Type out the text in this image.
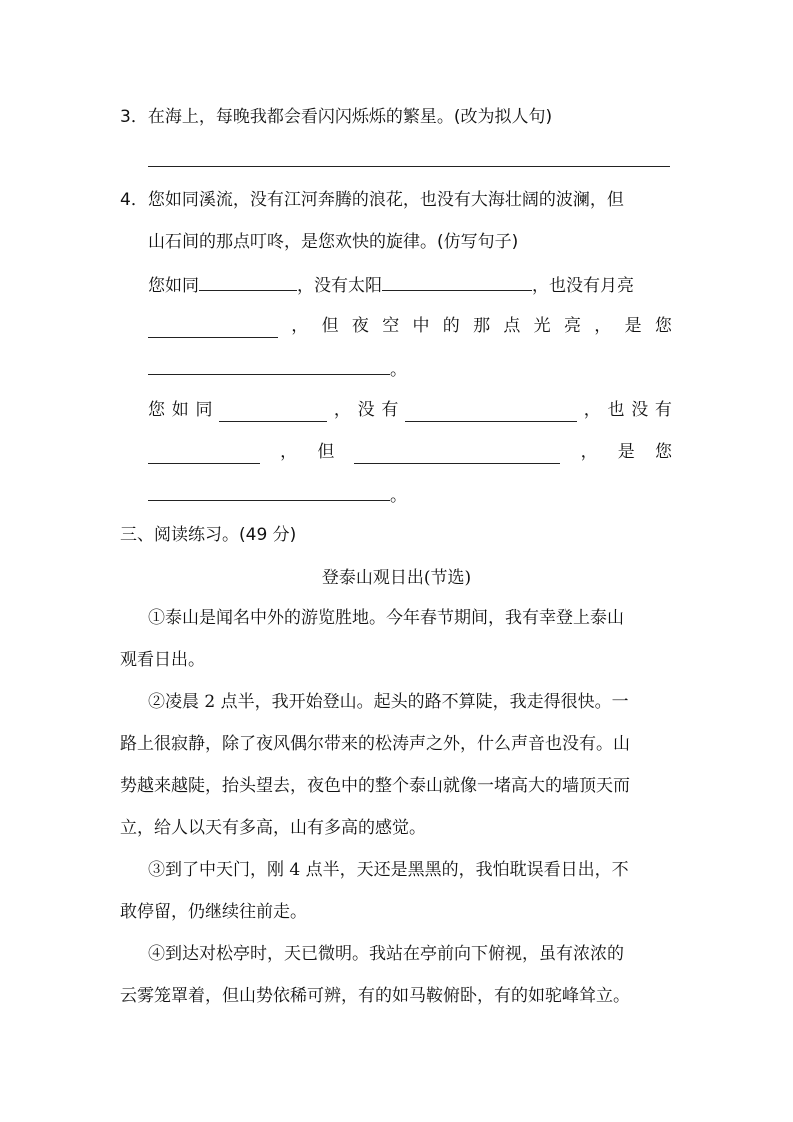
3．在海上，每晚我都会看闪闪烁烁的繁星。(改为拟人句)
4．您如同溪流，没有江河奔腾的浪花，也没有大海壮阔的波澜，但
山石间的那点叮咚，是您欢快的旋律。(仿写句子)
您如同	，没有太阳	，也没有月亮
， 但 夜 空 中 的 那 点 光 亮 ， 是 您
。
您 如 同	， 没 有	， 也 没 有
， 但	， 是 您
。
三、阅读练习。(49 分)
登泰山观日出(节选)
①泰山是闻名中外的游览胜地。今年春节期间，我有幸登上泰山
观看日出。
②凌晨 2 点半，我开始登山。起头的路不算陡，我走得很快。一
路上很寂静，除了夜风偶尔带来的松涛声之外，什么声音也没有。山
势越来越陡，抬头望去，夜色中的整个泰山就像一堵高大的墙顶天而
立，给人以天有多高，山有多高的感觉。
③到了中天门，刚 4 点半，天还是黑黑的，我怕耽误看日出，不
敢停留，仍继续往前走。
④到达对松亭时，天已微明。我站在亭前向下俯视，虽有浓浓的
云雾笼罩着，但山势依稀可辨，有的如马鞍俯卧，有的如驼峰耸立。
